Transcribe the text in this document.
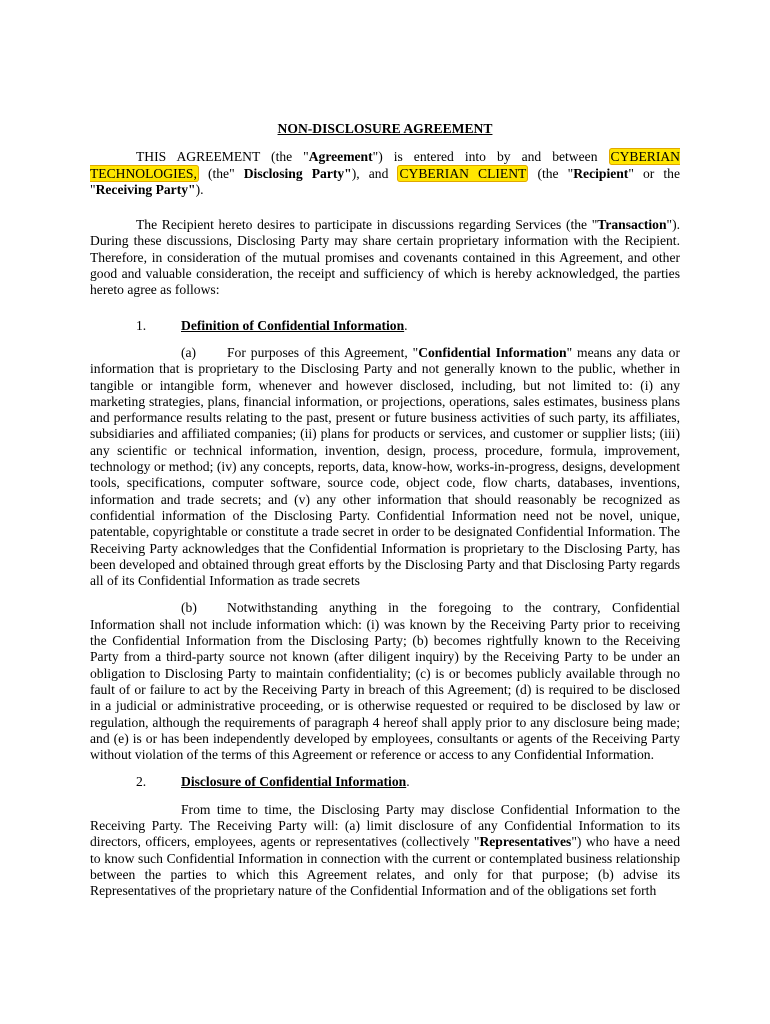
NON-DISCLOSURE AGREEMENT

THIS AGREEMENT (the "Agreement") is entered into by and between CYBERIAN TECHNOLOGIES, (the" Disclosing Party"), and CYBERIAN CLIENT (the "Recipient" or the "Receiving Party").

The Recipient hereto desires to participate in discussions regarding Services (the "Transaction"). During these discussions, Disclosing Party may share certain proprietary information with the Recipient. Therefore, in consideration of the mutual promises and covenants contained in this Agreement, and other good and valuable consideration, the receipt and sufficiency of which is hereby acknowledged, the parties hereto agree as follows:

1.	Definition of Confidential Information.

(a) For purposes of this Agreement, "Confidential Information" means any data or information that is proprietary to the Disclosing Party and not generally known to the public, whether in tangible or intangible form, whenever and however disclosed, including, but not limited to: (i) any marketing strategies, plans, financial information, or projections, operations, sales estimates, business plans and performance results relating to the past, present or future business activities of such party, its affiliates, subsidiaries and affiliated companies; (ii) plans for products or services, and customer or supplier lists; (iii) any scientific or technical information, invention, design, process, procedure, formula, improvement, technology or method; (iv) any concepts, reports, data, know-how, works-in-progress, designs, development tools, specifications, computer software, source code, object code, flow charts, databases, inventions, information and trade secrets; and (v) any other information that should reasonably be recognized as confidential information of the Disclosing Party. Confidential Information need not be novel, unique, patentable, copyrightable or constitute a trade secret in order to be designated Confidential Information. The Receiving Party acknowledges that the Confidential Information is proprietary to the Disclosing Party, has been developed and obtained through great efforts by the Disclosing Party and that Disclosing Party regards all of its Confidential Information as trade secrets

(b) Notwithstanding anything in the foregoing to the contrary, Confidential Information shall not include information which: (i) was known by the Receiving Party prior to receiving the Confidential Information from the Disclosing Party; (b) becomes rightfully known to the Receiving Party from a third-party source not known (after diligent inquiry) by the Receiving Party to be under an obligation to Disclosing Party to maintain confidentiality; (c) is or becomes publicly available through no fault of or failure to act by the Receiving Party in breach of this Agreement; (d) is required to be disclosed in a judicial or administrative proceeding, or is otherwise requested or required to be disclosed by law or regulation, although the requirements of paragraph 4 hereof shall apply prior to any disclosure being made; and (e) is or has been independently developed by employees, consultants or agents of the Receiving Party without violation of the terms of this Agreement or reference or access to any Confidential Information.

2.	Disclosure of Confidential Information.

From time to time, the Disclosing Party may disclose Confidential Information to the Receiving Party. The Receiving Party will: (a) limit disclosure of any Confidential Information to its directors, officers, employees, agents or representatives (collectively "Representatives") who have a need to know such Confidential Information in connection with the current or contemplated business relationship between the parties to which this Agreement relates, and only for that purpose; (b) advise its Representatives of the proprietary nature of the Confidential Information and of the obligations set forth
